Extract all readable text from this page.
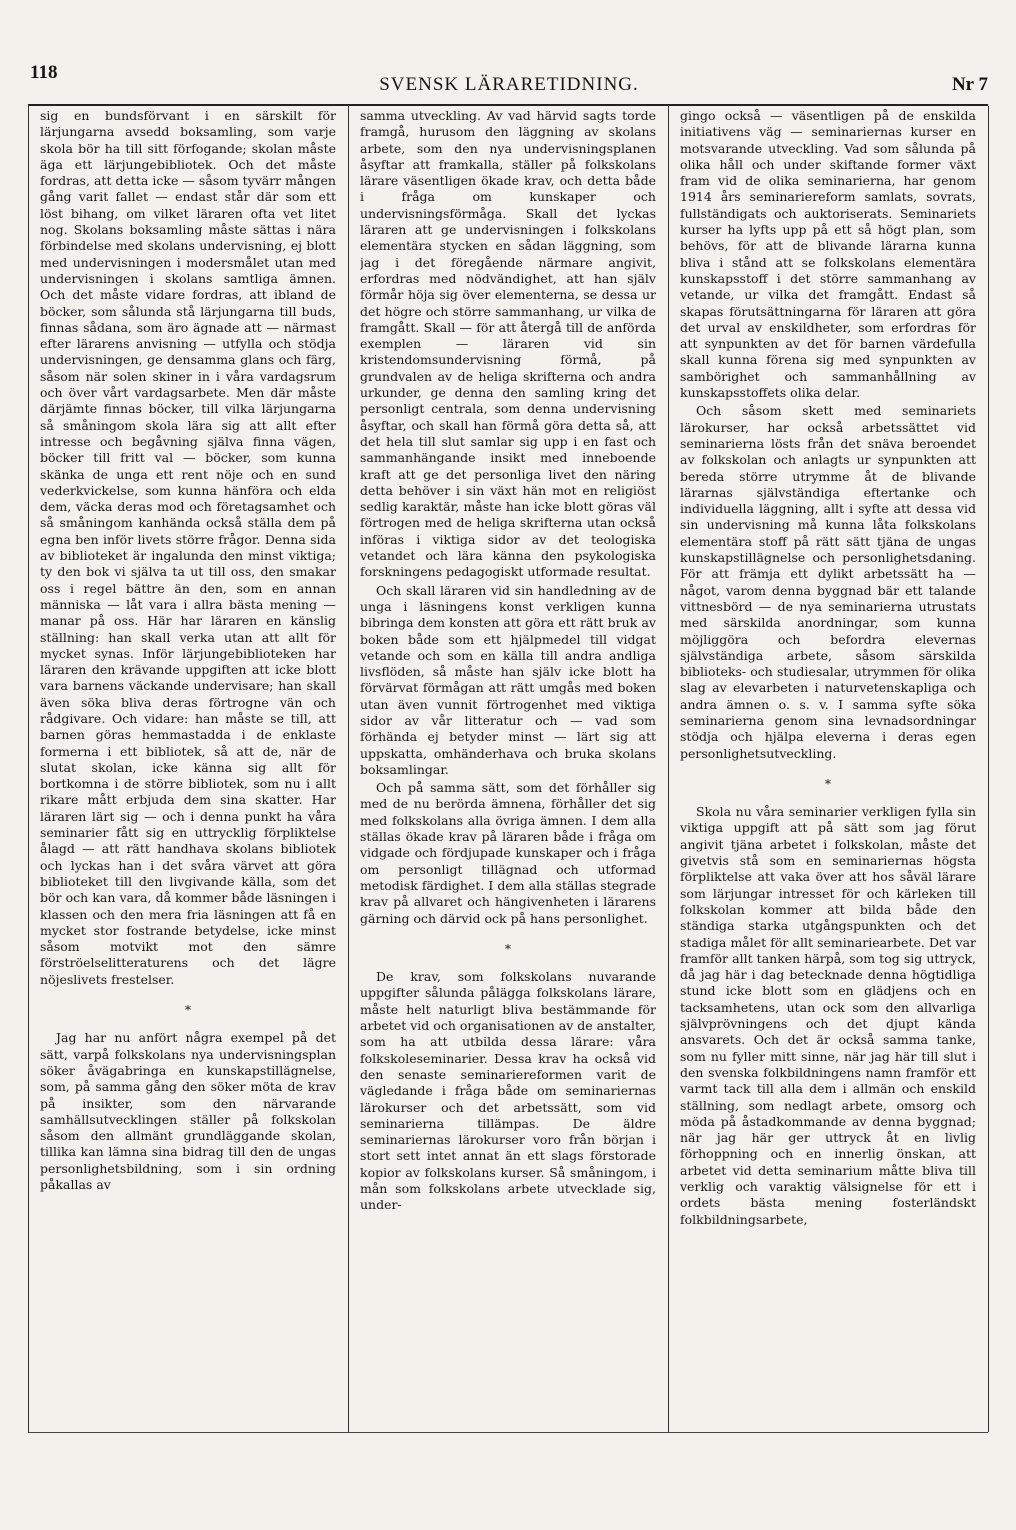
118
SVENSK LÄRARETIDNING.	Nr 7

sig en bundsförvant i en särskilt för lärjungarna avsedd boksamling, som varje skola bör ha till sitt förfogande; skolan måste äga ett lärjungebibliotek. Och det måste fordras, att detta icke — såsom tyvärr mången gång varit fallet — endast står där som ett löst bihang, om vilket läraren ofta vet litet nog. Skolans boksamling måste sättas i nära förbindelse med skolans undervisning, ej blott med undervisningen i modersmålet utan med undervisningen i skolans samtliga ämnen. Och det måste vidare fordras, att ibland de böcker, som sålunda stå lärjungarna till buds, finnas sådana, som äro ägnade att — närmast efter lärarens anvisning — utfylla och stödja undervisningen, ge densamma glans och färg, såsom när solen skiner in i våra vardagsrum och över vårt vardagsarbete. Men där måste därjämte finnas böcker, till vilka lärjungarna så småningom skola lära sig att allt efter intresse och begåvning själva finna vägen, böcker till fritt val — böcker, som kunna skänka de unga ett rent nöje och en sund vederkvickelse, som kunna hänföra och elda dem, väcka deras mod och företagsamhet och så småningom kanhända också ställa dem på egna ben inför livets större frågor. Denna sida av biblioteket är ingalunda den minst viktiga; ty den bok vi själva ta ut till oss, den smakar oss i regel bättre än den, som en annan människa — låt vara i allra bästa mening — manar på oss. Här har läraren en känslig ställning: han skall verka utan att allt för mycket synas. Inför lärjungebiblioteken har läraren den krävande uppgiften att icke blott vara barnens väckande undervisare; han skall även söka bliva deras förtrogne vän och rådgivare. Och vidare: han måste se till, att barnen göras hemmastadda i de enklaste formerna i ett bibliotek, så att de, när de slutat skolan, icke känna sig allt för bortkomna i de större bibliotek, som nu i allt rikare mått erbjuda dem sina skatter. Har läraren lärt sig — och i denna punkt ha våra seminarier fått sig en uttrycklig förpliktelse ålagd — att rätt handhava skolans bibliotek och lyckas han i det svåra värvet att göra biblioteket till den livgivande källa, som det bör och kan vara, då kommer både läsningen i klassen och den mera fria läsningen att få en mycket stor fostrande betydelse, icke minst såsom motvikt mot den sämre förströelselitteraturens och det lägre nöjeslivets frestelser.

*

Jag har nu anfört några exempel på det sätt, varpå folkskolans nya undervisningsplan söker åvägabringa en kunskapstillägnelse, som, på samma gång den söker möta de krav på insikter, som den närvarande samhällsutvecklingen ställer på folkskolan såsom den allmänt grundläggande skolan, tillika kan lämna sina bidrag till den de ungas personlighetsbildning, som i sin ordning påkallas av

samma utveckling. Av vad härvid sagts torde framgå, hurusom den läggning av skolans arbete, som den nya undervisningsplanen åsyftar att framkalla, ställer på folkskolans lärare väsentligen ökade krav, och detta både i fråga om kunskaper och undervisningsförmåga. Skall det lyckas läraren att ge undervisningen i folkskolans elementära stycken en sådan läggning, som jag i det föregående närmare angivit, erfordras med nödvändighet, att han själv förmår höja sig över elementerna, se dessa ur det högre och större sammanhang, ur vilka de framgått. Skall — för att återgå till de anförda exemplen — läraren vid sin kristendomsundervisning förmå, på grundvalen av de heliga skrifterna och andra urkunder, ge denna den samling kring det personligt centrala, som denna undervisning åsyftar, och skall han förmå göra detta så, att det hela till slut samlar sig upp i en fast och sammanhängande insikt med inneboende kraft att ge det personliga livet den näring detta behöver i sin växt hän mot en religiöst sedlig karaktär, måste han icke blott göras väl förtrogen med de heliga skrifterna utan också införas i viktiga sidor av det teologiska vetandet och lära känna den psykologiska forskningens pedagogiskt utformade resultat.

Och skall läraren vid sin handledning av de unga i läsningens konst verkligen kunna bibringa dem konsten att göra ett rätt bruk av boken både som ett hjälpmedel till vidgat vetande och som en källa till andra andliga livsflöden, så måste han själv icke blott ha förvärvat förmågan att rätt umgås med boken utan även vunnit förtrogenhet med viktiga sidor av vår litteratur och — vad som förhända ej betyder minst — lärt sig att uppskatta, omhänderhava och bruka skolans boksamlingar.

Och på samma sätt, som det förhåller sig med de nu berörda ämnena, förhåller det sig med folkskolans alla övriga ämnen. I dem alla ställas ökade krav på läraren både i fråga om vidgade och fördjupade kunskaper och i fråga om personligt tillägnad och utformad metodisk färdighet. I dem alla ställas stegrade krav på allvaret och hängivenheten i lärarens gärning och därvid ock på hans personlighet.

*

De krav, som folkskolans nuvarande uppgifter sålunda pålägga folkskolans lärare, måste helt naturligt bliva bestämmande för arbetet vid och organisationen av de anstalter, som ha att utbilda dessa lärare: våra folkskoleseminarier. Dessa krav ha också vid den senaste seminariereformen varit de vägledande i fråga både om seminariernas lärokurser och det arbetssätt, som vid seminarierna tillämpas. De äldre seminariernas lärokurser voro från början i stort sett intet annat än ett slags förstorade kopior av folkskolans kurser. Så småningom, i mån som folkskolans arbete utvecklade sig, under-

gingo också — väsentligen på de enskilda initiativens väg — seminariernas kurser en motsvarande utveckling. Vad som sålunda på olika håll och under skiftande former växt fram vid de olika seminarierna, har genom 1914 års seminariereform samlats, sovrats, fullständigats och auktoriserats. Seminariets kurser ha lyfts upp på ett så högt plan, som behövs, för att de blivande lärarna kunna bliva i stånd att se folkskolans elementära kunskapsstoff i det större sammanhang av vetande, ur vilka det framgått. Endast så skapas förutsättningarna för läraren att göra det urval av enskildheter, som erfordras för att synpunkten av det för barnen värdefulla skall kunna förena sig med synpunkten av sambörighet och sammanhållning av kunskapsstoffets olika delar.

Och såsom skett med seminariets lärokurser, har också arbetssättet vid seminarierna lösts från det snäva beroendet av folkskolan och anlagts ur synpunkten att bereda större utrymme åt de blivande lärarnas självständiga eftertanke och individuella läggning, allt i syfte att dessa vid sin undervisning må kunna låta folkskolans elementära stoff på rätt sätt tjäna de ungas kunskapstillägnelse och personlighetsdaning. För att främja ett dylikt arbetssätt ha — något, varom denna byggnad bär ett talande vittnesbörd — de nya seminarierna utrustats med särskilda anordningar, som kunna möjliggöra och befordra elevernas självständiga arbete, såsom särskilda biblioteks- och studiesalar, utrymmen för olika slag av elevarbeten i naturvetenskapliga och andra ämnen o. s. v. I samma syfte söka seminarierna genom sina levnadsordningar stödja och hjälpa eleverna i deras egen personlighetsutveckling.

*

Skola nu våra seminarier verkligen fylla sin viktiga uppgift att på sätt som jag förut angivit tjäna arbetet i folkskolan, måste det givetvis stå som en seminariernas högsta förpliktelse att vaka över att hos såväl lärare som lärjungar intresset för och kärleken till folkskolan kommer att bilda både den ständiga starka utgångspunkten och det stadiga målet för allt seminariearbete. Det var framför allt tanken härpå, som tog sig uttryck, då jag här i dag betecknade denna högtidliga stund icke blott som en glädjens och en tacksamhetens, utan ock som den allvarliga självprövningens och det djupt kända ansvarets. Och det är också samma tanke, som nu fyller mitt sinne, när jag här till slut i den svenska folkbildningens namn framför ett varmt tack till alla dem i allmän och enskild ställning, som nedlagt arbete, omsorg och möda på åstadkommande av denna byggnad; när jag här ger uttryck åt en livlig förhoppning och en innerlig önskan, att arbetet vid detta seminarium måtte bliva till verklig och varaktig välsignelse för ett i ordets bästa mening fosterländskt folkbildningsarbete,
